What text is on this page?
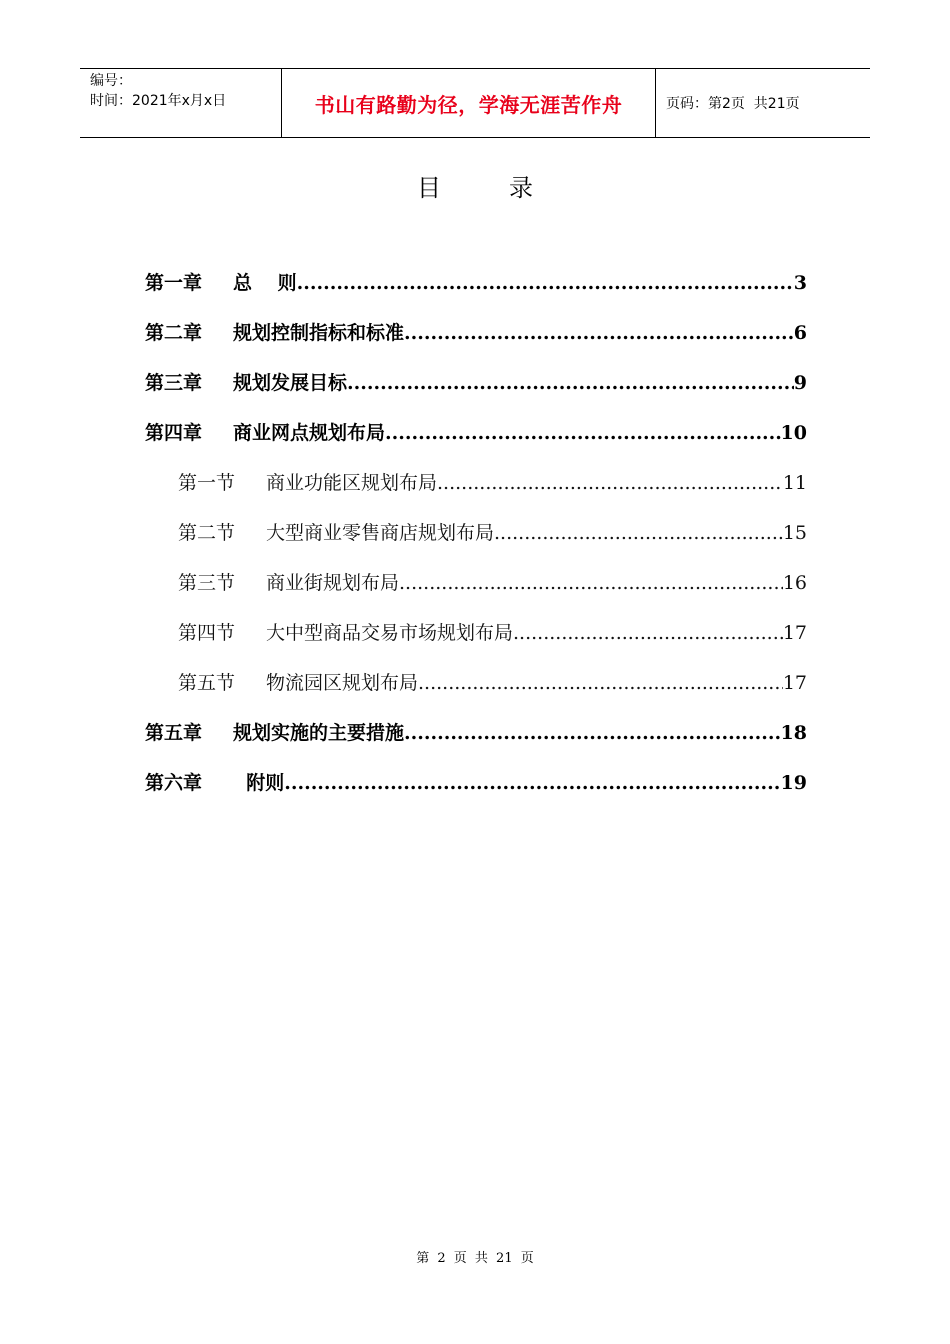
编号：
时间：2021年x月x日	书山有路勤为径，学海无涯苦作舟	页码：第2页  共21页
目录
第一章	总　 则 .....	3
第二章	规划控制指标和标准 .....	6
第三章	规划发展目标 .....	9
第四章	商业网点规划布局 .....	10
第一节	商业功能区规划布局 .....	11
第二节	大型商业零售商店规划布局 .....	15
第三节	商业街规划布局 .....	16
第四节	大中型商品交易市场规划布局 .....	17
第五节	物流园区规划布局 .....	17
第五章	规划实施的主要措施 .....	18
第六章	附则 .....	19
第 2 页 共 21 页
